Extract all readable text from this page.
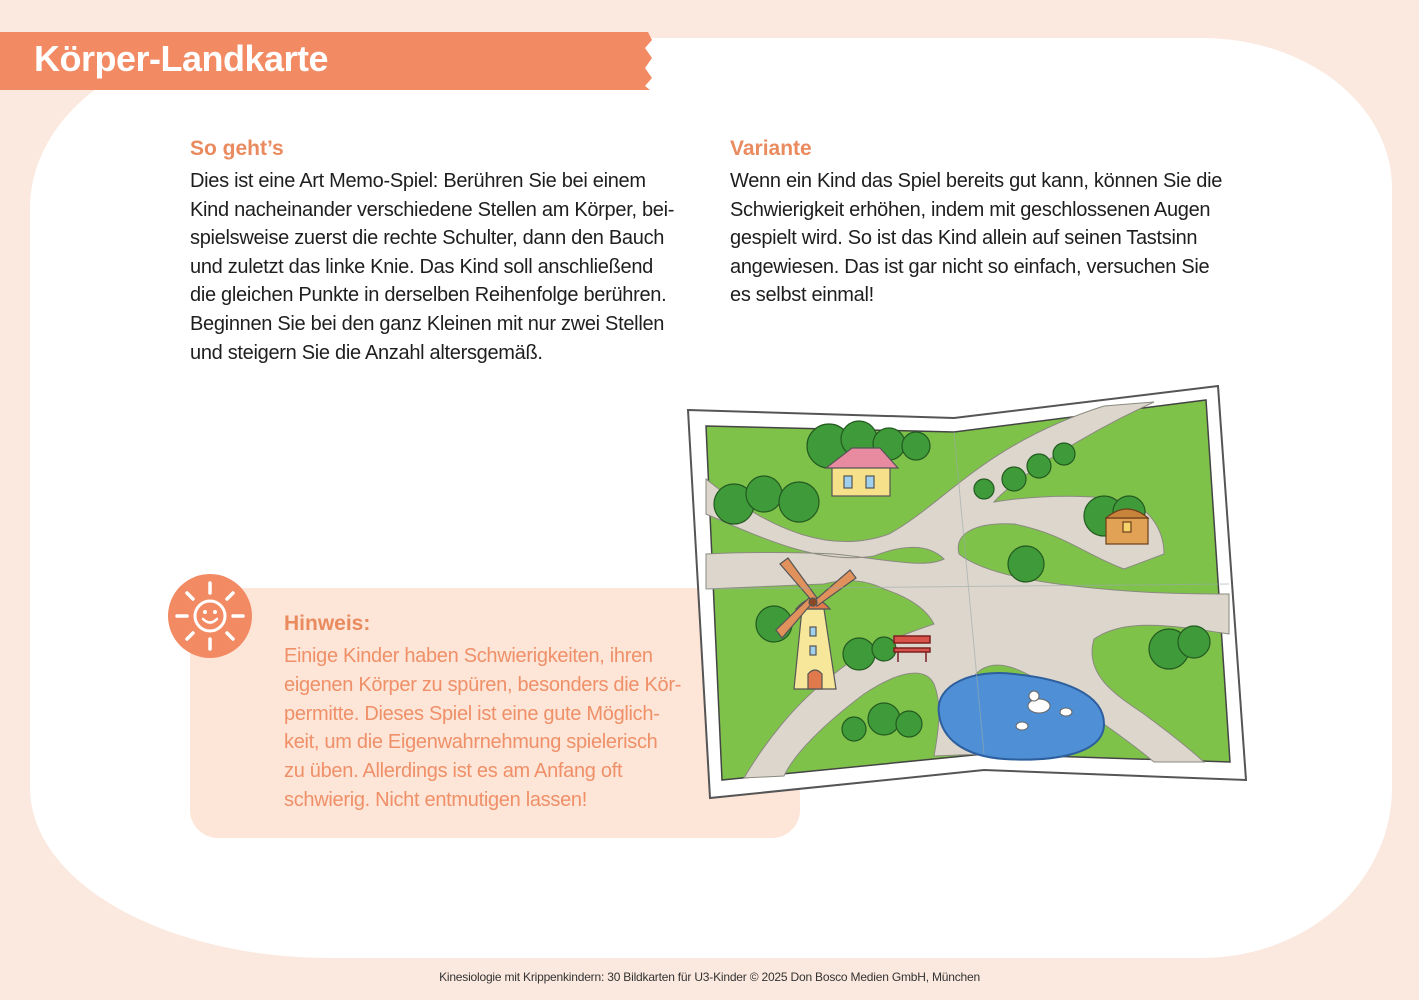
Körper-Landkarte
So geht’s

Dies ist eine Art Memo-Spiel: Berühren Sie bei einem
Kind nacheinander verschiedene Stellen am Körper, bei-
spielsweise zuerst die rechte Schulter, dann den Bauch
und zuletzt das linke Knie. Das Kind soll anschließend
die gleichen Punkte in derselben Reihenfolge berühren.
Beginnen Sie bei den ganz Kleinen mit nur zwei Stellen
und steigern Sie die Anzahl altersgemäß.

Variante

Wenn ein Kind das Spiel bereits gut kann, können Sie die
Schwierigkeit erhöhen, indem mit geschlossenen Augen
gespielt wird. So ist das Kind allein auf seinen Tastsinn
angewiesen. Das ist gar nicht so einfach, versuchen Sie
es selbst einmal!

Hinweis:

Einige Kinder haben Schwierigkeiten, ihren
eigenen Körper zu spüren, besonders die Kör-
permitte. Dieses Spiel ist eine gute Möglich-
keit, um die Eigenwahrnehmung spielerisch
zu üben. Allerdings ist es am Anfang oft
schwierig. Nicht entmutigen lassen!

Kinesiologie mit Krippenkindern: 30 Bildkarten für U3-Kinder © 2025 Don Bosco Medien GmbH, München
